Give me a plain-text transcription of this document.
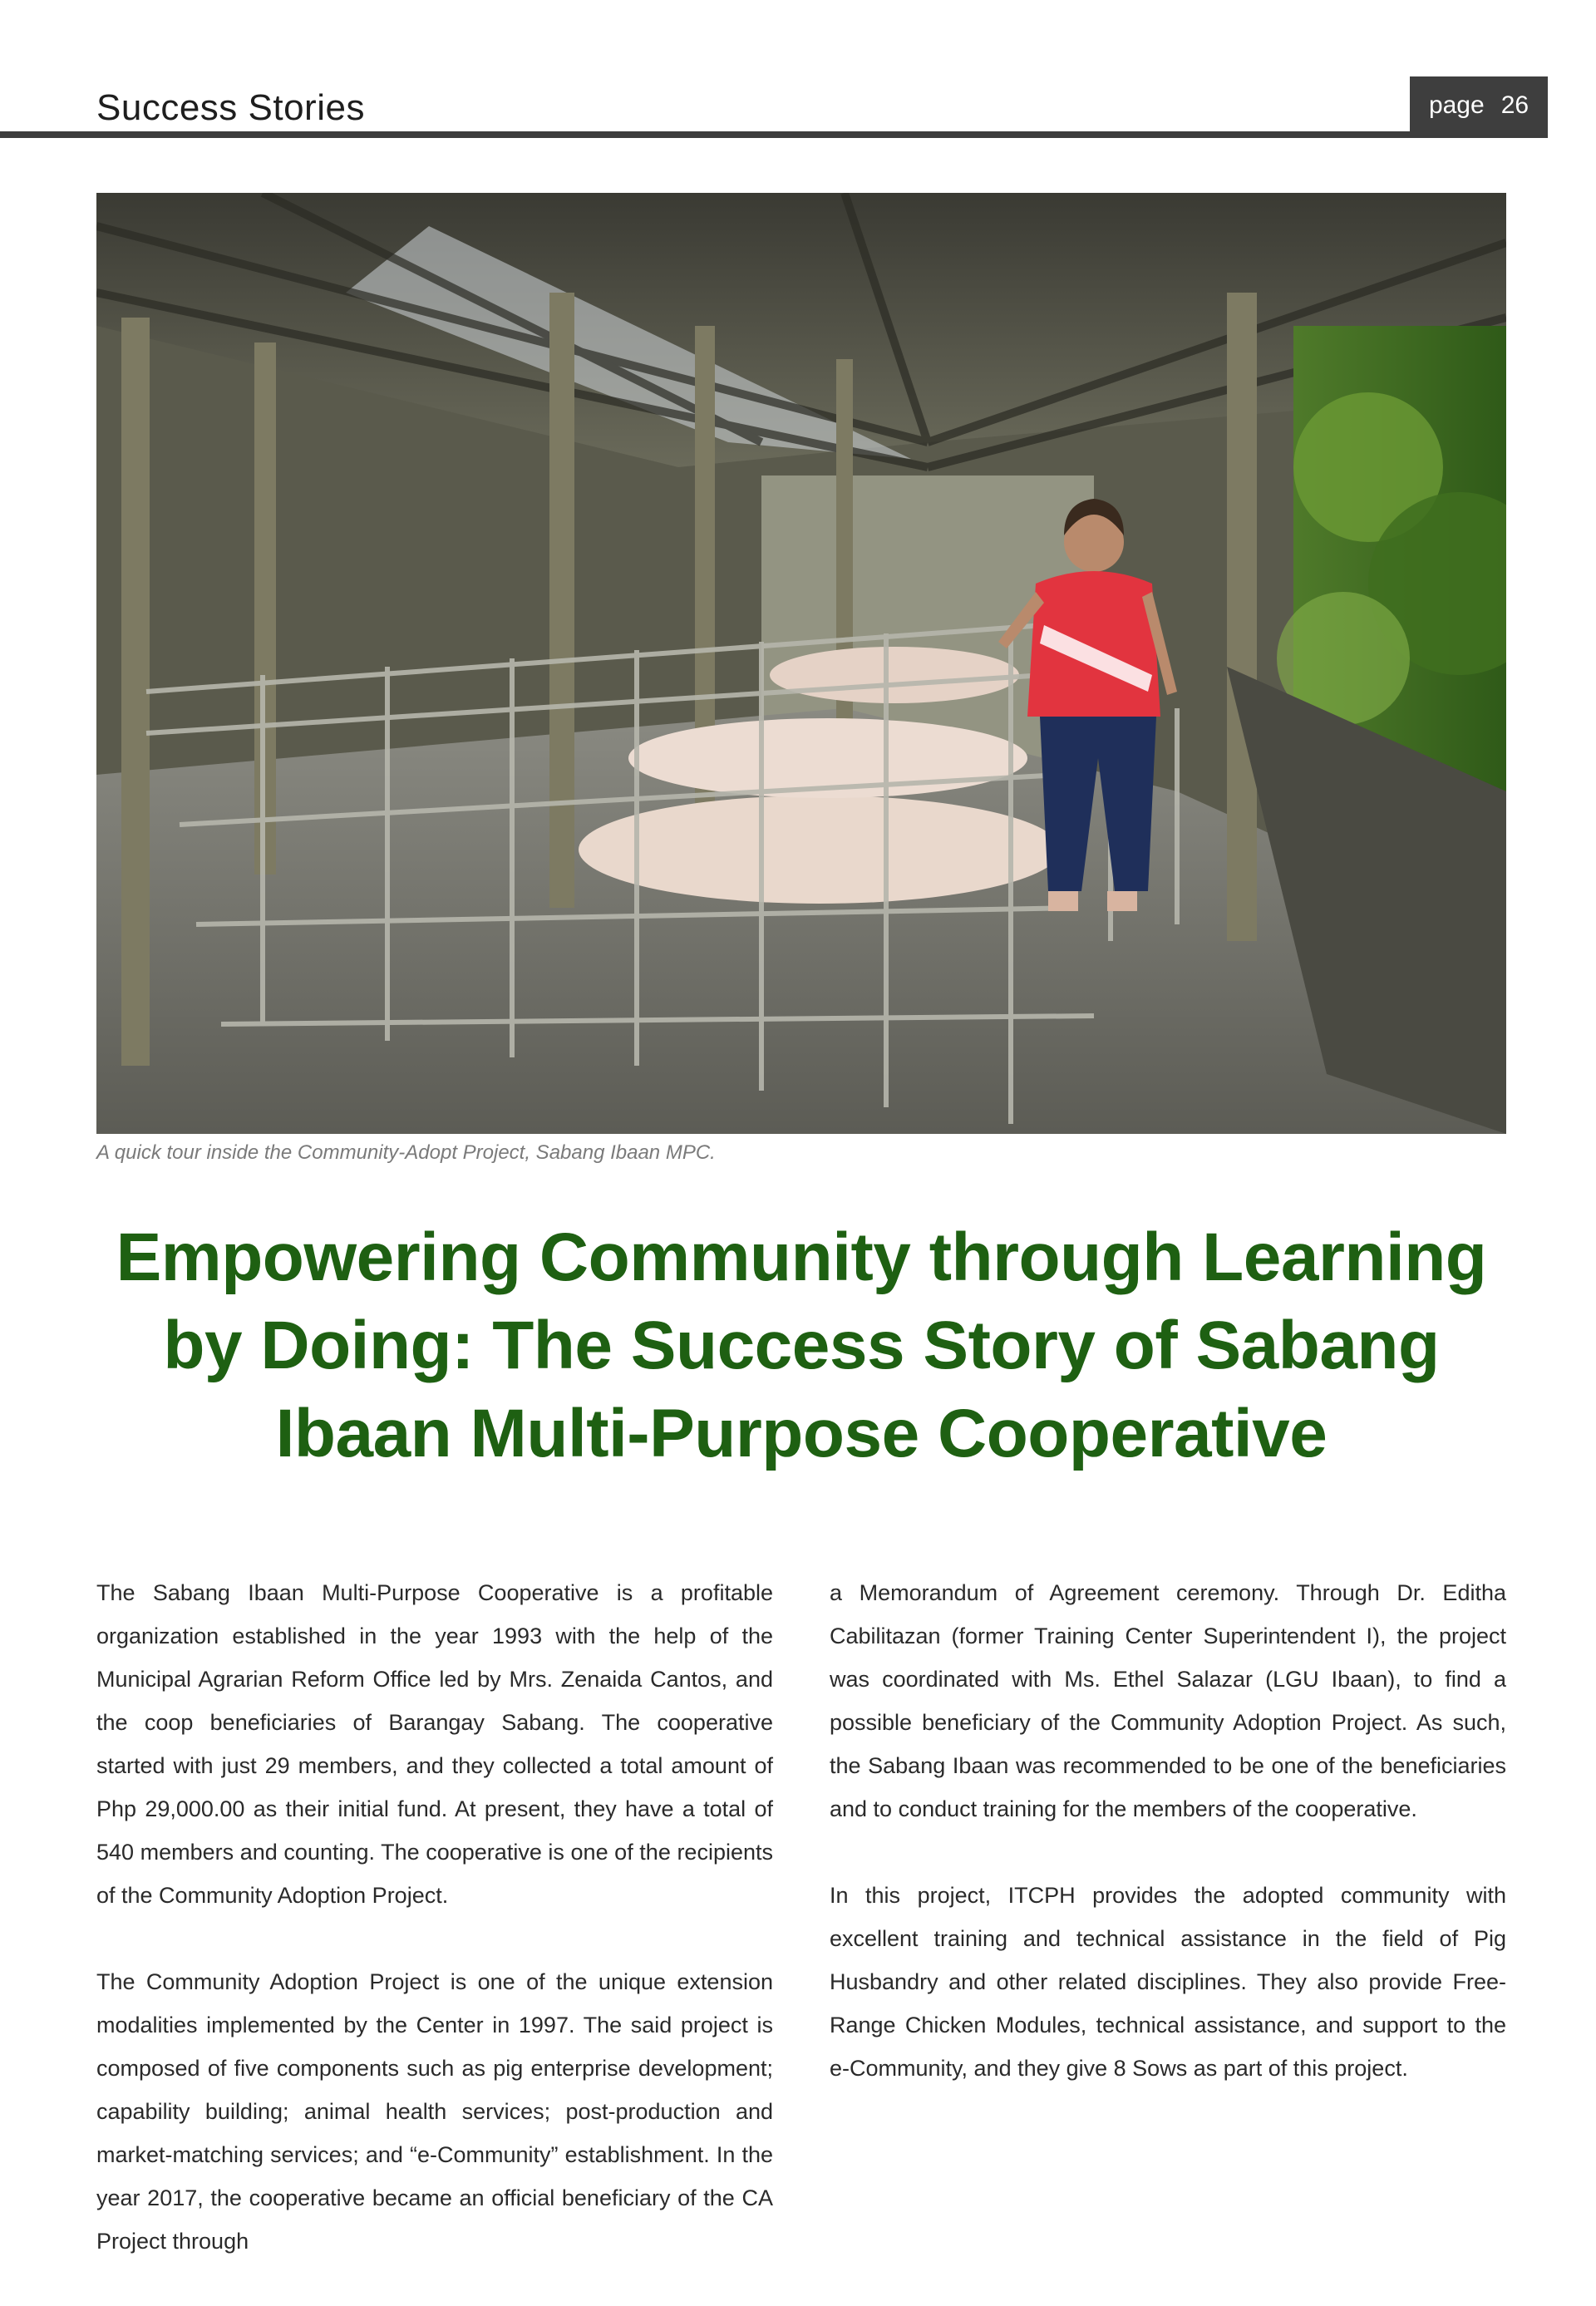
Success Stories	page 26
A quick tour inside the Community-Adopt Project, Sabang Ibaan MPC.
Empowering Community through Learning by Doing: The Success Story of Sabang Ibaan Multi-Purpose Cooperative

The Sabang Ibaan Multi-Purpose Cooperative is a profitable organization established in the year 1993 with the help of the Municipal Agrarian Reform Office led by Mrs. Zenaida Cantos, and the coop beneficiaries of Barangay Sabang. The cooperative started with just 29 members, and they collected a total amount of Php 29,000.00 as their initial fund. At present, they have a total of 540 members and counting. The cooperative is one of the recipients of the Community Adoption Project.

The Community Adoption Project is one of the unique extension modalities implemented by the Center in 1997. The said project is composed of five components such as pig enterprise development; capability building; animal health services; post-production and market-matching services; and “e-Community” establishment. In the year 2017, the cooperative became an official beneficiary of the CA Project through

a Memorandum of Agreement ceremony. Through Dr. Editha Cabilitazan (former Training Center Superintendent I), the project was coordinated with Ms. Ethel Salazar (LGU Ibaan), to find a possible beneficiary of the Community Adoption Project. As such, the Sabang Ibaan was recommended to be one of the beneficiaries and to conduct training for the members of the cooperative.

In this project, ITCPH provides the adopted community with excellent training and technical assistance in the field of Pig Husbandry and other related disciplines. They also provide Free-Range Chicken Modules, technical assistance, and support to the e-Community, and they give 8 Sows as part of this project.
